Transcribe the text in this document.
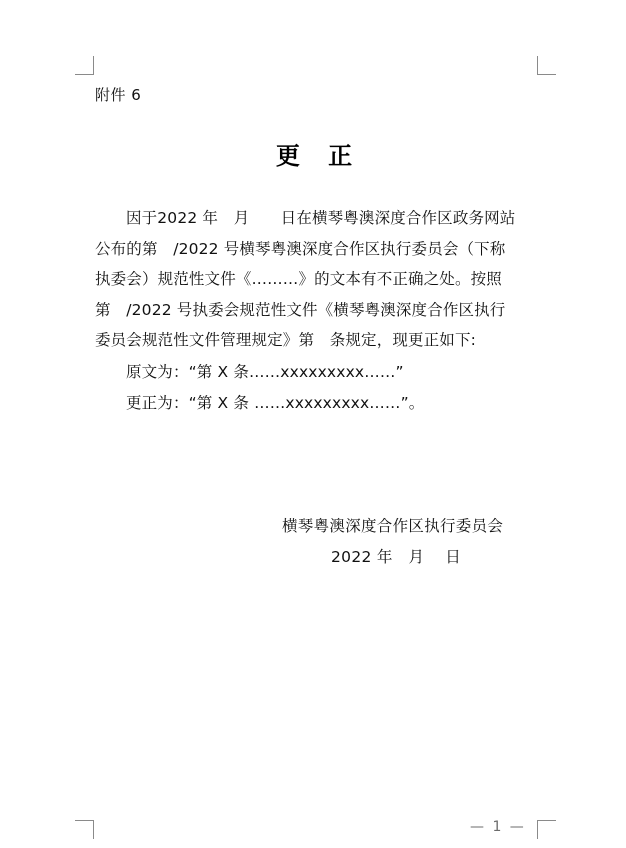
附件 6
更 正
因于2022 年　月　　日在横琴粤澳深度合作区政务网站
公布的第　/2022 号横琴粤澳深度合作区执行委员会（下称
执委会）规范性文件《………》的文本有不正确之处。按照
第　/2022 号执委会规范性文件《横琴粤澳深度合作区执行
委员会规范性文件管理规定》第　条规定，现更正如下:
原文为：“第 X 条……xxxxxxxxx……”
更正为：“第 X 条 ……xxxxxxxxx……”。
横琴粤澳深度合作区执行委员会
2022 年　月　 日
— 1 —
